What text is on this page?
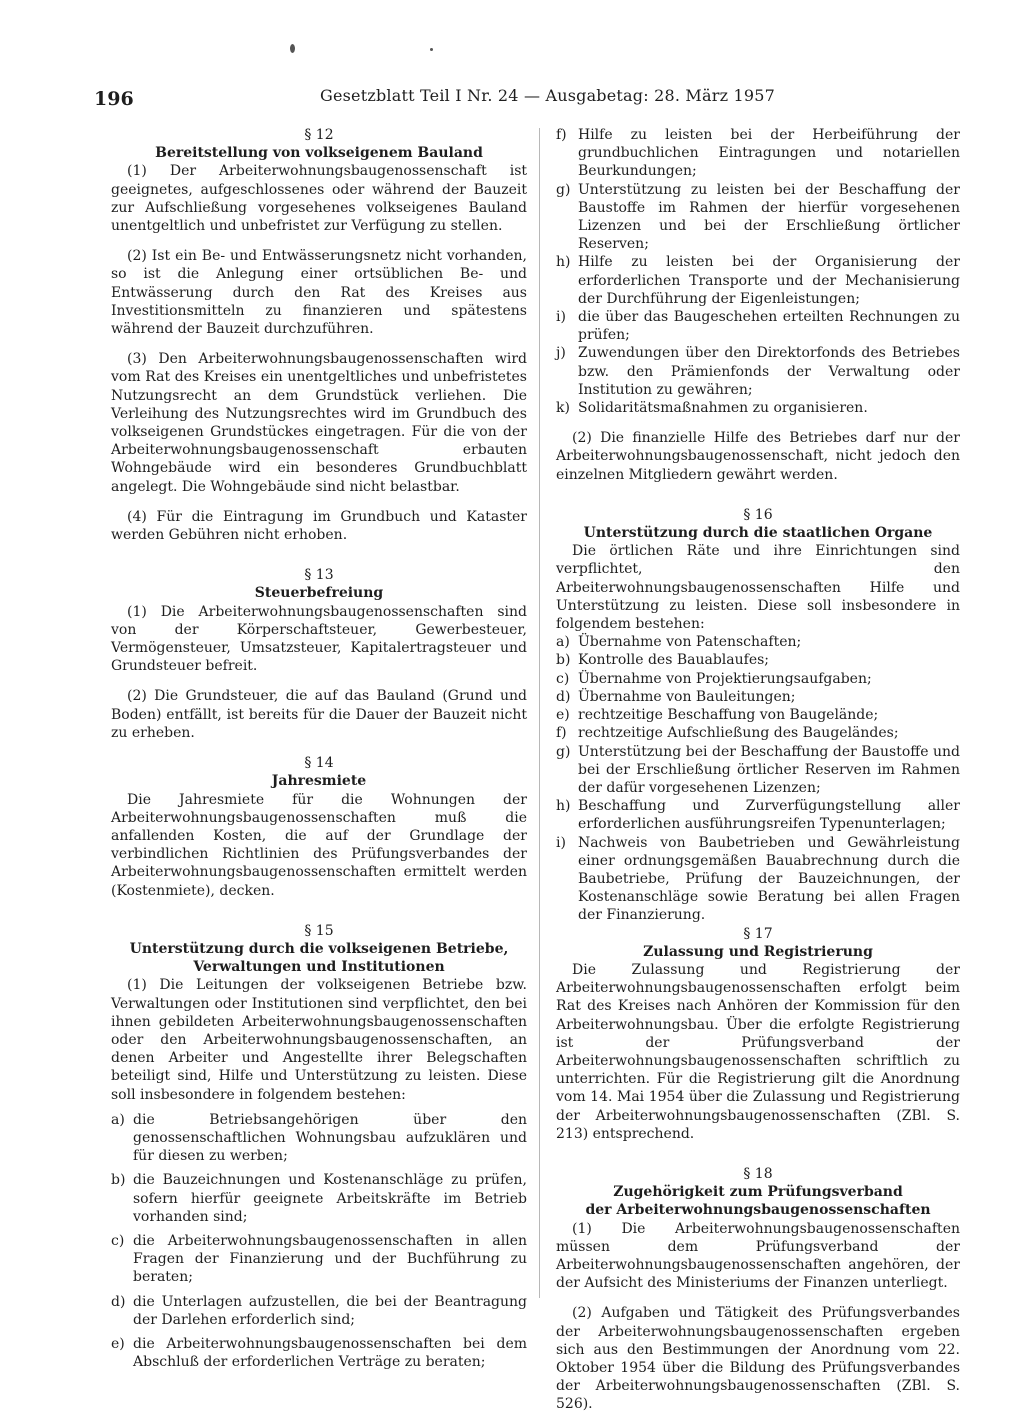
196	Gesetzblatt Teil I Nr. 24 — Ausgabetag: 28. März 1957

§ 12

Bereitstellung von volkseigenem Bauland

(1) Der Arbeiterwohnungsbaugenossenschaft ist geeignetes, aufgeschlossenes oder während der Bauzeit zur Aufschließung vorgesehenes volkseigenes Bauland unentgeltlich und unbefristet zur Verfügung zu stellen.

(2) Ist ein Be- und Entwässerungsnetz nicht vorhanden, so ist die Anlegung einer ortsüblichen Be- und Entwässerung durch den Rat des Kreises aus Investitionsmitteln zu finanzieren und spätestens während der Bauzeit durchzuführen.

(3) Den Arbeiterwohnungsbaugenossenschaften wird vom Rat des Kreises ein unentgeltliches und unbefristetes Nutzungsrecht an dem Grundstück verliehen. Die Verleihung des Nutzungsrechtes wird im Grundbuch des volkseigenen Grundstückes eingetragen. Für die von der Arbeiterwohnungsbaugenossenschaft erbauten Wohngebäude wird ein besonderes Grundbuchblatt angelegt. Die Wohngebäude sind nicht belastbar.

(4) Für die Eintragung im Grundbuch und Kataster werden Gebühren nicht erhoben.

§ 13

Steuerbefreiung

(1) Die Arbeiterwohnungsbaugenossenschaften sind von der Körperschaftsteuer, Gewerbesteuer, Vermögensteuer, Umsatzsteuer, Kapitalertragsteuer und Grundsteuer befreit.

(2) Die Grundsteuer, die auf das Bauland (Grund und Boden) entfällt, ist bereits für die Dauer der Bauzeit nicht zu erheben.

§ 14

Jahresmiete

Die Jahresmiete für die Wohnungen der Arbeiterwohnungsbaugenossenschaften muß die anfallenden Kosten, die auf der Grundlage der verbindlichen Richtlinien des Prüfungsverbandes der Arbeiterwohnungsbaugenossenschaften ermittelt werden (Kostenmiete), decken.

§ 15

Unterstützung durch die volkseigenen Betriebe,

Verwaltungen und Institutionen

(1) Die Leitungen der volkseigenen Betriebe bzw. Verwaltungen oder Institutionen sind verpflichtet, den bei ihnen gebildeten Arbeiterwohnungsbaugenossenschaften oder den Arbeiterwohnungsbaugenossenschaften, an denen Arbeiter und Angestellte ihrer Belegschaften beteiligt sind, Hilfe und Unterstützung zu leisten. Diese soll insbesondere in folgendem bestehen:

a) die Betriebsangehörigen über den genossenschaftlichen Wohnungsbau aufzuklären und für diesen zu werben;
b) die Bauzeichnungen und Kostenanschläge zu prüfen, sofern hierfür geeignete Arbeitskräfte im Betrieb vorhanden sind;
c) die Arbeiterwohnungsbaugenossenschaften in allen Fragen der Finanzierung und der Buchführung zu beraten;
d) die Unterlagen aufzustellen, die bei der Beantragung der Darlehen erforderlich sind;
e) die Arbeiterwohnungsbaugenossenschaften bei dem Abschluß der erforderlichen Verträge zu beraten;
f) Hilfe zu leisten bei der Herbeiführung der grundbuchlichen Eintragungen und notariellen Beurkundungen;
g) Unterstützung zu leisten bei der Beschaffung der Baustoffe im Rahmen der hierfür vorgesehenen Lizenzen und bei der Erschließung örtlicher Reserven;
h) Hilfe zu leisten bei der Organisierung der erforderlichen Transporte und der Mechanisierung der Durchführung der Eigenleistungen;
i) die über das Baugeschehen erteilten Rechnungen zu prüfen;
j) Zuwendungen über den Direktorfonds des Betriebes bzw. den Prämienfonds der Verwaltung oder Institution zu gewähren;
k) Solidaritätsmaßnahmen zu organisieren.

(2) Die finanzielle Hilfe des Betriebes darf nur der Arbeiterwohnungsbaugenossenschaft, nicht jedoch den einzelnen Mitgliedern gewährt werden.

§ 16

Unterstützung durch die staatlichen Organe

Die örtlichen Räte und ihre Einrichtungen sind verpflichtet, den Arbeiterwohnungsbaugenossenschaften Hilfe und Unterstützung zu leisten. Diese soll insbesondere in folgendem bestehen:

a) Übernahme von Patenschaften;
b) Kontrolle des Bauablaufes;
c) Übernahme von Projektierungsaufgaben;
d) Übernahme von Bauleitungen;
e) rechtzeitige Beschaffung von Baugelände;
f) rechtzeitige Aufschließung des Baugeländes;
g) Unterstützung bei der Beschaffung der Baustoffe und bei der Erschließung örtlicher Reserven im Rahmen der dafür vorgesehenen Lizenzen;
h) Beschaffung und Zurverfügungstellung aller erforderlichen ausführungsreifen Typenunterlagen;
i) Nachweis von Baubetrieben und Gewährleistung einer ordnungsgemäßen Bauabrechnung durch die Baubetriebe, Prüfung der Bauzeichnungen, der Kostenanschläge sowie Beratung bei allen Fragen der Finanzierung.

§ 17

Zulassung und Registrierung

Die Zulassung und Registrierung der Arbeiterwohnungsbaugenossenschaften erfolgt beim Rat des Kreises nach Anhören der Kommission für den Arbeiterwohnungsbau. Über die erfolgte Registrierung ist der Prüfungsverband der Arbeiterwohnungsbaugenossenschaften schriftlich zu unterrichten. Für die Registrierung gilt die Anordnung vom 14. Mai 1954 über die Zulassung und Registrierung der Arbeiterwohnungsbaugenossenschaften (ZBl. S. 213) entsprechend.

§ 18

Zugehörigkeit zum Prüfungsverband

der Arbeiterwohnungsbaugenossenschaften

(1) Die Arbeiterwohnungsbaugenossenschaften müssen dem Prüfungsverband der Arbeiterwohnungsbaugenossenschaften angehören, der der Aufsicht des Ministeriums der Finanzen unterliegt.

(2) Aufgaben und Tätigkeit des Prüfungsverbandes der Arbeiterwohnungsbaugenossenschaften ergeben sich aus den Bestimmungen der Anordnung vom 22. Oktober 1954 über die Bildung des Prüfungsverbandes der Arbeiterwohnungsbaugenossenschaften (ZBl. S. 526).
